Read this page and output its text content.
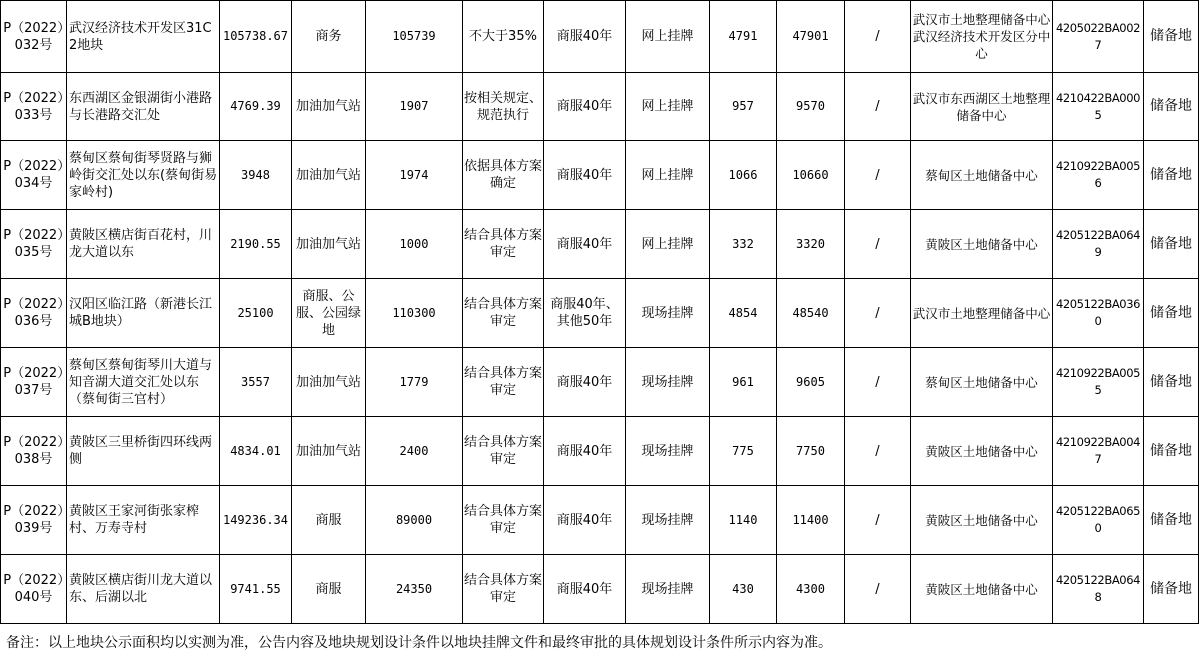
P（2022）032号	武汉经济技术开发区31C2地块	105738.67	商务	105739	不大于35%	商服40年	网上挂牌	4791	47901	/	武汉市土地整理储备中心武汉经济技术开发区分中心	4205022BA0027	储备地
P（2022）033号	东西湖区金银湖街小港路与长港路交汇处	4769.39	加油加气站	1907	按相关规定、规范执行	商服40年	网上挂牌	957	9570	/	武汉市东西湖区土地整理储备中心	4210422BA0005	储备地
P（2022）034号	蔡甸区蔡甸街琴贤路与狮岭街交汇处以东(蔡甸街易家岭村)	3948	加油加气站	1974	依据具体方案确定	商服40年	网上挂牌	1066	10660	/	蔡甸区土地储备中心	4210922BA0056	储备地
P（2022）035号	黄陂区横店街百花村，川龙大道以东	2190.55	加油加气站	1000	结合具体方案审定	商服40年	网上挂牌	332	3320	/	黄陂区土地储备中心	4205122BA0649	储备地
P（2022）036号	汉阳区临江路（新港长江城B地块）	25100	商服、公服、公园绿地	110300	结合具体方案审定	商服40年、其他50年	现场挂牌	4854	48540	/	武汉市土地整理储备中心	4205122BA0360	储备地
P（2022）037号	蔡甸区蔡甸街琴川大道与知音湖大道交汇处以东（蔡甸街三官村）	3557	加油加气站	1779	结合具体方案审定	商服40年	现场挂牌	961	9605	/	蔡甸区土地储备中心	4210922BA0055	储备地
P（2022）038号	黄陂区三里桥街四环线两侧	4834.01	加油加气站	2400	结合具体方案审定	商服40年	现场挂牌	775	7750	/	黄陂区土地储备中心	4210922BA0047	储备地
P（2022）039号	黄陂区王家河街张家榨村、万寿寺村	149236.34	商服	89000	结合具体方案审定	商服40年	现场挂牌	1140	11400	/	黄陂区土地储备中心	4205122BA0650	储备地
P（2022）040号	黄陂区横店街川龙大道以东、后湖以北	9741.55	商服	24350	结合具体方案审定	商服40年	现场挂牌	430	4300	/	黄陂区土地储备中心	4205122BA0648	储备地
备注：以上地块公示面积均以实测为准，公告内容及地块规划设计条件以地块挂牌文件和最终审批的具体规划设计条件所示内容为准。
